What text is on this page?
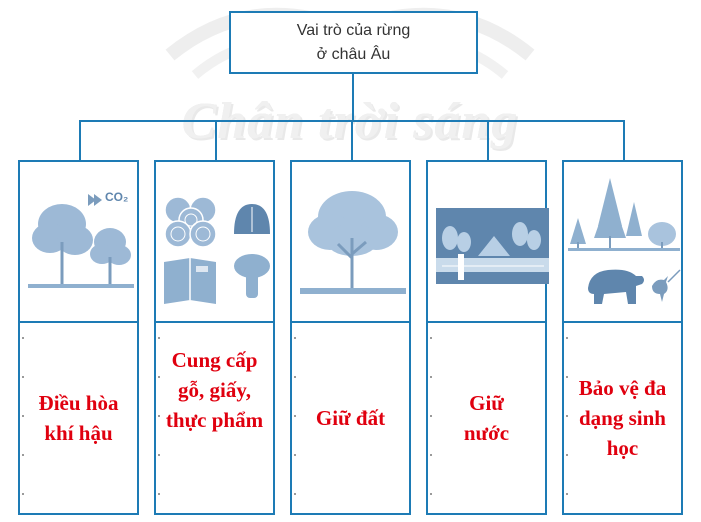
Chân trời sáng
Vai trò của rừng
ở châu Âu
CO₂
Điều hòa khí hậu
Cung cấp gỗ, giấy, thực phẩm	Giữ đất
Giữ nước
Bảo vệ đa dạng sinh học
